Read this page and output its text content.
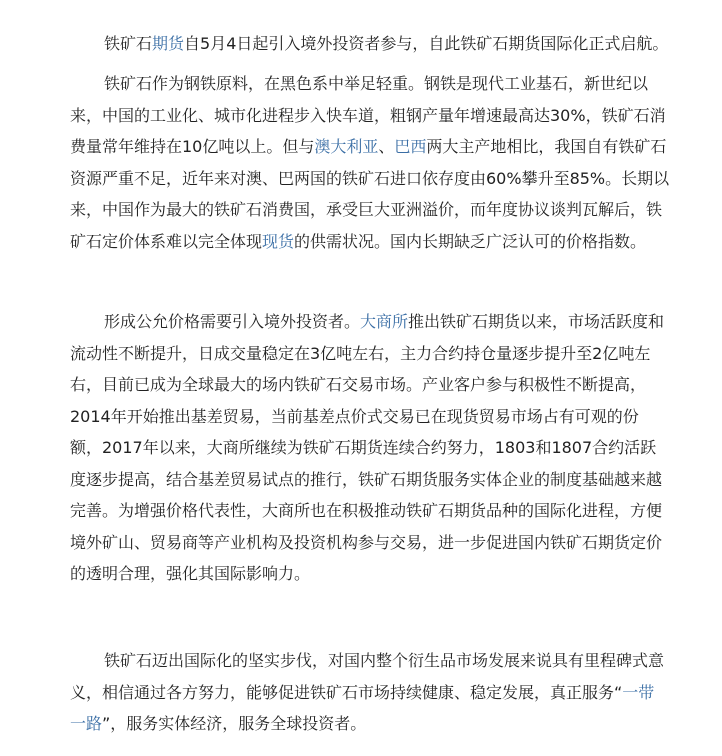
铁矿石期货自5月4日起引入境外投资者参与，自此铁矿石期货国际化正式启航。

铁矿石作为钢铁原料，在黑色系中举足轻重。钢铁是现代工业基石，新世纪以来，中国的工业化、城市化进程步入快车道，粗钢产量年增速最高达30%，铁矿石消费量常年维持在10亿吨以上。但与澳大利亚、巴西两大主产地相比，我国自有铁矿石资源严重不足，近年来对澳、巴两国的铁矿石进口依存度由60%攀升至85%。长期以来，中国作为最大的铁矿石消费国，承受巨大亚洲溢价，而年度协议谈判瓦解后，铁矿石定价体系难以完全体现现货的供需状况。国内长期缺乏广泛认可的价格指数。

形成公允价格需要引入境外投资者。大商所推出铁矿石期货以来，市场活跃度和流动性不断提升，日成交量稳定在3亿吨左右，主力合约持仓量逐步提升至2亿吨左右，目前已成为全球最大的场内铁矿石交易市场。产业客户参与积极性不断提高，2014年开始推出基差贸易，当前基差点价式交易已在现货贸易市场占有可观的份额，2017年以来，大商所继续为铁矿石期货连续合约努力，1803和1807合约活跃度逐步提高，结合基差贸易试点的推行，铁矿石期货服务实体企业的制度基础越来越完善。为增强价格代表性，大商所也在积极推动铁矿石期货品种的国际化进程，方便境外矿山、贸易商等产业机构及投资机构参与交易，进一步促进国内铁矿石期货定价的透明合理，强化其国际影响力。

铁矿石迈出国际化的坚实步伐，对国内整个衍生品市场发展来说具有里程碑式意义，相信通过各方努力，能够促进铁矿石市场持续健康、稳定发展，真正服务“一带一路”，服务实体经济，服务全球投资者。
